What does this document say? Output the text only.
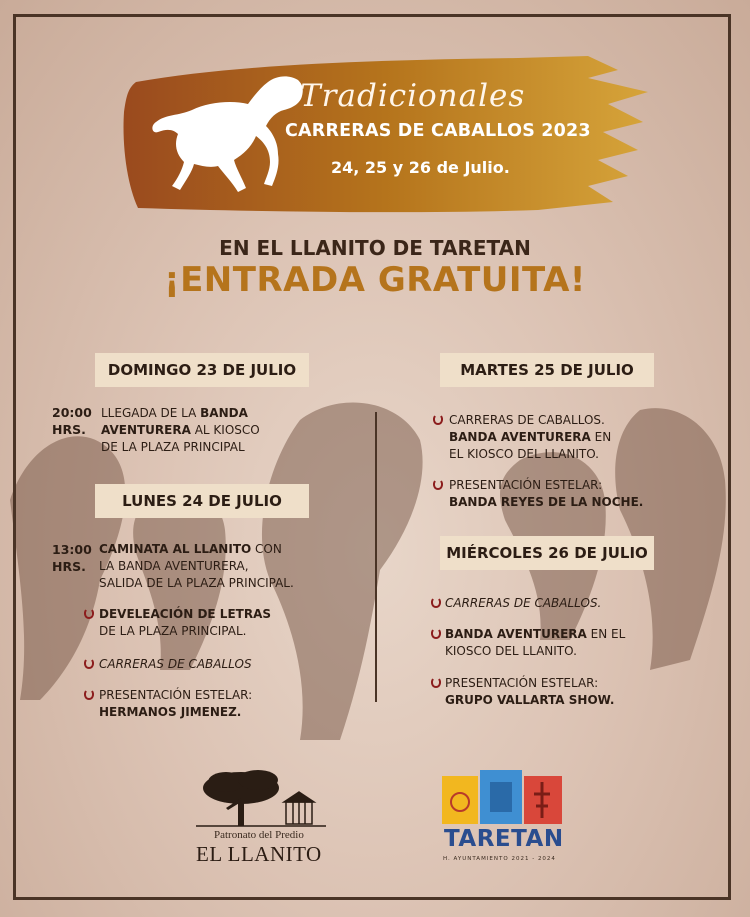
Tradicionales
CARRERAS DE CABALLOS 2023
24, 25 y 26 de Julio.
EN EL LLANITO DE TARETAN
¡ENTRADA GRATUITA!
DOMINGO 23 DE JULIO
20:00
HRS.
LLEGADA DE LA BANDA
AVENTURERA AL KIOSCO
DE LA PLAZA PRINCIPAL
LUNES 24 DE JULIO
13:00
HRS.
CAMINATA AL LLANITO CON
LA BANDA AVENTURERA,
SALIDA DE LA PLAZA PRINCIPAL.
DEVELEACIÓN DE LETRAS
DE LA PLAZA PRINCIPAL.
CARRERAS DE CABALLOS
PRESENTACIÓN ESTELAR:
HERMANOS JIMENEZ.
MARTES 25 DE JULIO
CARRERAS DE CABALLOS.
BANDA AVENTURERA EN
EL KIOSCO DEL LLANITO.
PRESENTACIÓN ESTELAR:
BANDA REYES DE LA NOCHE.
MIÉRCOLES 26 DE JULIO
CARRERAS DE CABALLOS.
BANDA AVENTURERA EN EL
KIOSCO DEL LLANITO.
PRESENTACIÓN ESTELAR:
GRUPO VALLARTA SHOW.
Patronato del Predio
EL LLANITO
TARETAN
H. AYUNTAMIENTO 2021 - 2024
